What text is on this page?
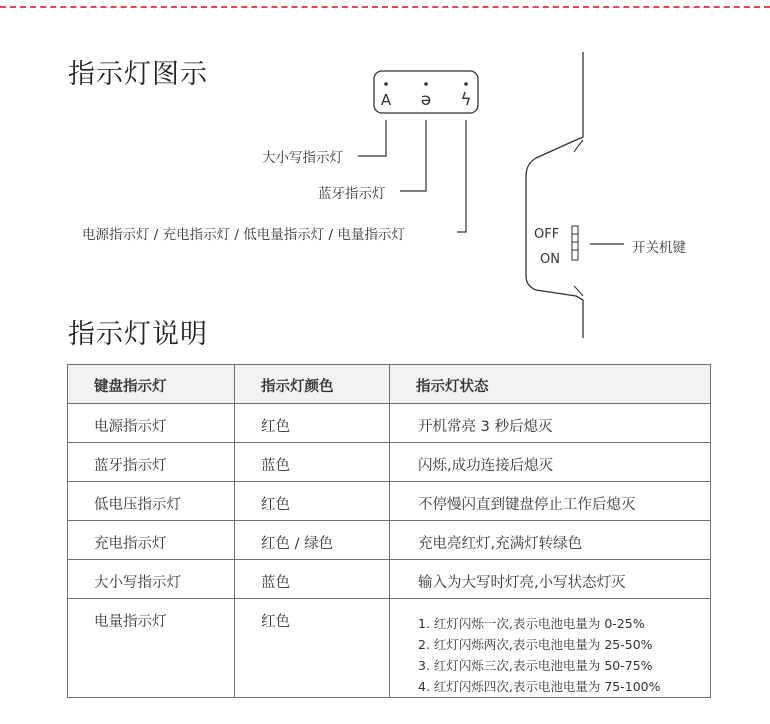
指示灯图示
A ə ϟ
大小写指示灯
蓝牙指示灯
电源指示灯 / 充电指示灯 / 低电量指示灯 / 电量指示灯	OFF
ON
开关机键
指示灯说明
键盘指示灯	指示灯颜色	指示灯状态

电源指示灯	红色	开机常亮 3 秒后熄灭

蓝牙指示灯	蓝色	闪烁,成功连接后熄灭

低电压指示灯	红色	不停慢闪直到键盘停止工作后熄灭

充电指示灯	红色 / 绿色	充电亮红灯,充满灯转绿色

大小写指示灯	蓝色	输入为大写时灯亮,小写状态灯灭

电量指示灯	红色	1. 红灯闪烁一次,表示电池电量为 0-25%
2. 红灯闪烁两次,表示电池电量为 25-50%
3. 红灯闪烁三次,表示电池电量为 50-75%
4. 红灯闪烁四次,表示电池电量为 75-100%
